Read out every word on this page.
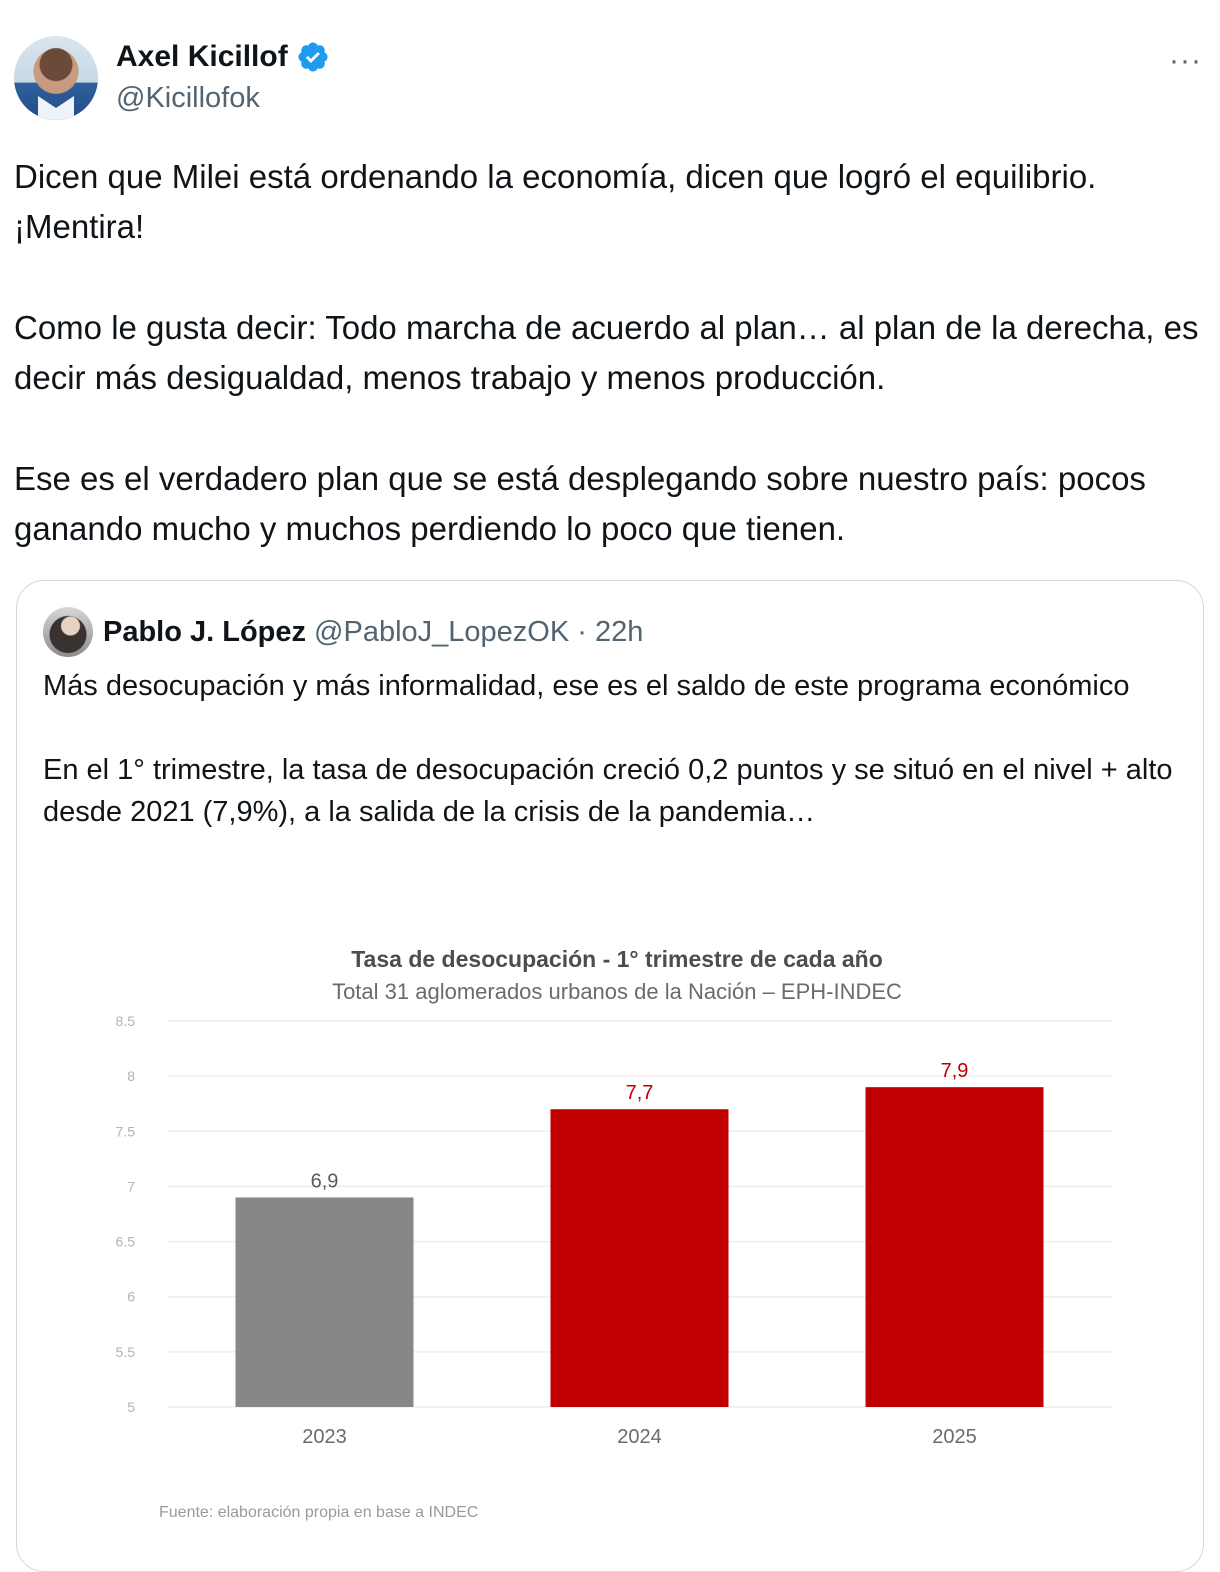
Axel Kicillof
@Kicillofok
···

Dicen que Milei está ordenando la economía, dicen que logró el equilibrio. ¡Mentira!

Como le gusta decir: Todo marcha de acuerdo al plan… al plan de la derecha, es decir más desigualdad, menos trabajo y menos producción.

Ese es el verdadero plan que se está desplegando sobre nuestro país: pocos ganando mucho y muchos perdiendo lo poco que tienen.

Pablo J. López @PabloJ_LopezOK · 22h

Más desocupación y más informalidad, ese es el saldo de este programa económico

En el 1° trimestre, la tasa de desocupación creció 0,2 puntos y se situó en el nivel + alto desde 2021 (7,9%), a la salida de la crisis de la pandemia…

Tasa de desocupación - 1° trimestre de cada año
Total 31 aglomerados urbanos de la Nación – EPH-INDEC
5
5.5
6
6.5
7
7.5
8
8.5
6,9
7,7
7,9
2023	2024	2025
Fuente: elaboración propia en base a INDEC
